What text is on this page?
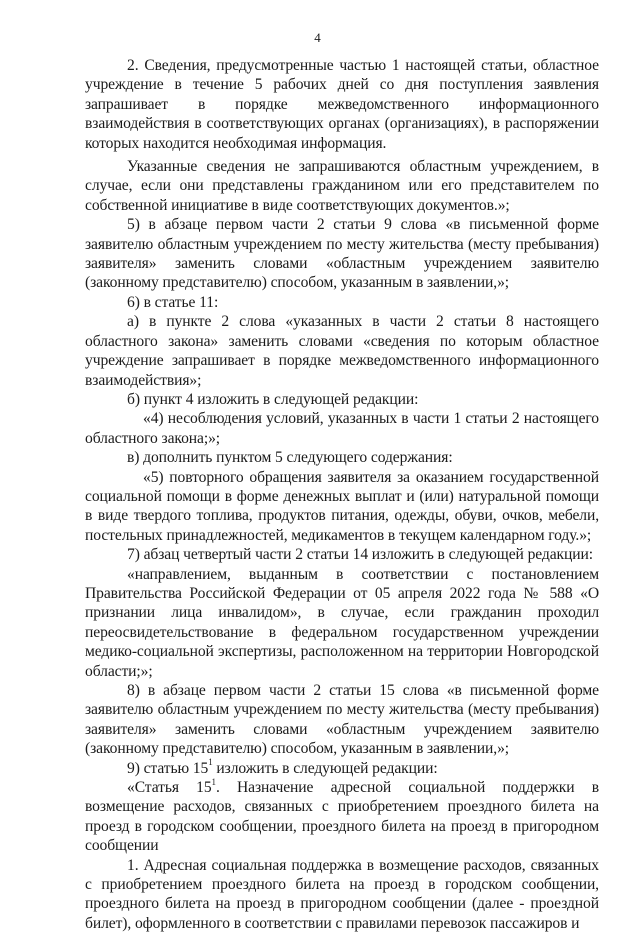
4

2. Сведения, предусмотренные частью 1 настоящей статьи, областное учреждение в течение 5 рабочих дней со дня поступления заявления запрашивает в порядке межведомственного информационного взаимодействия в соответствующих органах (организациях), в распоряжении которых находится необходимая информация.

Указанные сведения не запрашиваются областным учреждением, в случае, если они представлены гражданином или его представителем по собственной инициативе в виде соответствующих документов.»;

5) в абзаце первом части 2 статьи 9 слова «в письменной форме заявителю областным учреждением по месту жительства (месту пребывания) заявителя» заменить словами «областным учреждением заявителю (законному представителю) способом, указанным в заявлении,»;

6) в статье 11:

а) в пункте 2 слова «указанных в части 2 статьи 8 настоящего областного закона» заменить словами «сведения по которым областное учреждение запрашивает в порядке межведомственного информационного взаимодействия»;

б) пункт 4 изложить в следующей редакции:

«4) несоблюдения условий, указанных в части 1 статьи 2 настоящего областного закона;»;

в) дополнить пунктом 5 следующего содержания:

«5) повторного обращения заявителя за оказанием государственной социальной помощи в форме денежных выплат и (или) натуральной помощи в виде твердого топлива, продуктов питания, одежды, обуви, очков, мебели, постельных принадлежностей, медикаментов в текущем календарном году.»;

7) абзац четвертый части 2 статьи 14 изложить в следующей редакции:

«направлением, выданным в соответствии с постановлением Правительства Российской Федерации от 05 апреля 2022 года № 588 «О признании лица инвалидом», в случае, если гражданин проходил переосвидетельствование в федеральном государственном учреждении медико-социальной экспертизы, расположенном на территории Новгородской области;»;

8) в абзаце первом части 2 статьи 15 слова «в письменной форме заявителю областным учреждением по месту жительства (месту пребывания) заявителя» заменить словами «областным учреждением заявителю (законному представителю) способом, указанным в заявлении,»;

9) статью $15^1$ изложить в следующей редакции:

«Статья $15^1$. Назначение адресной социальной поддержки в возмещение расходов, связанных с приобретением проездного билета на проезд в городском сообщении, проездного билета на проезд в пригородном сообщении

1. Адресная социальная поддержка в возмещение расходов, связанных с приобретением проездного билета на проезд в городском сообщении, проездного билета на проезд в пригородном сообщении (далее - проездной билет), оформленного в соответствии с правилами перевозок пассажиров и
